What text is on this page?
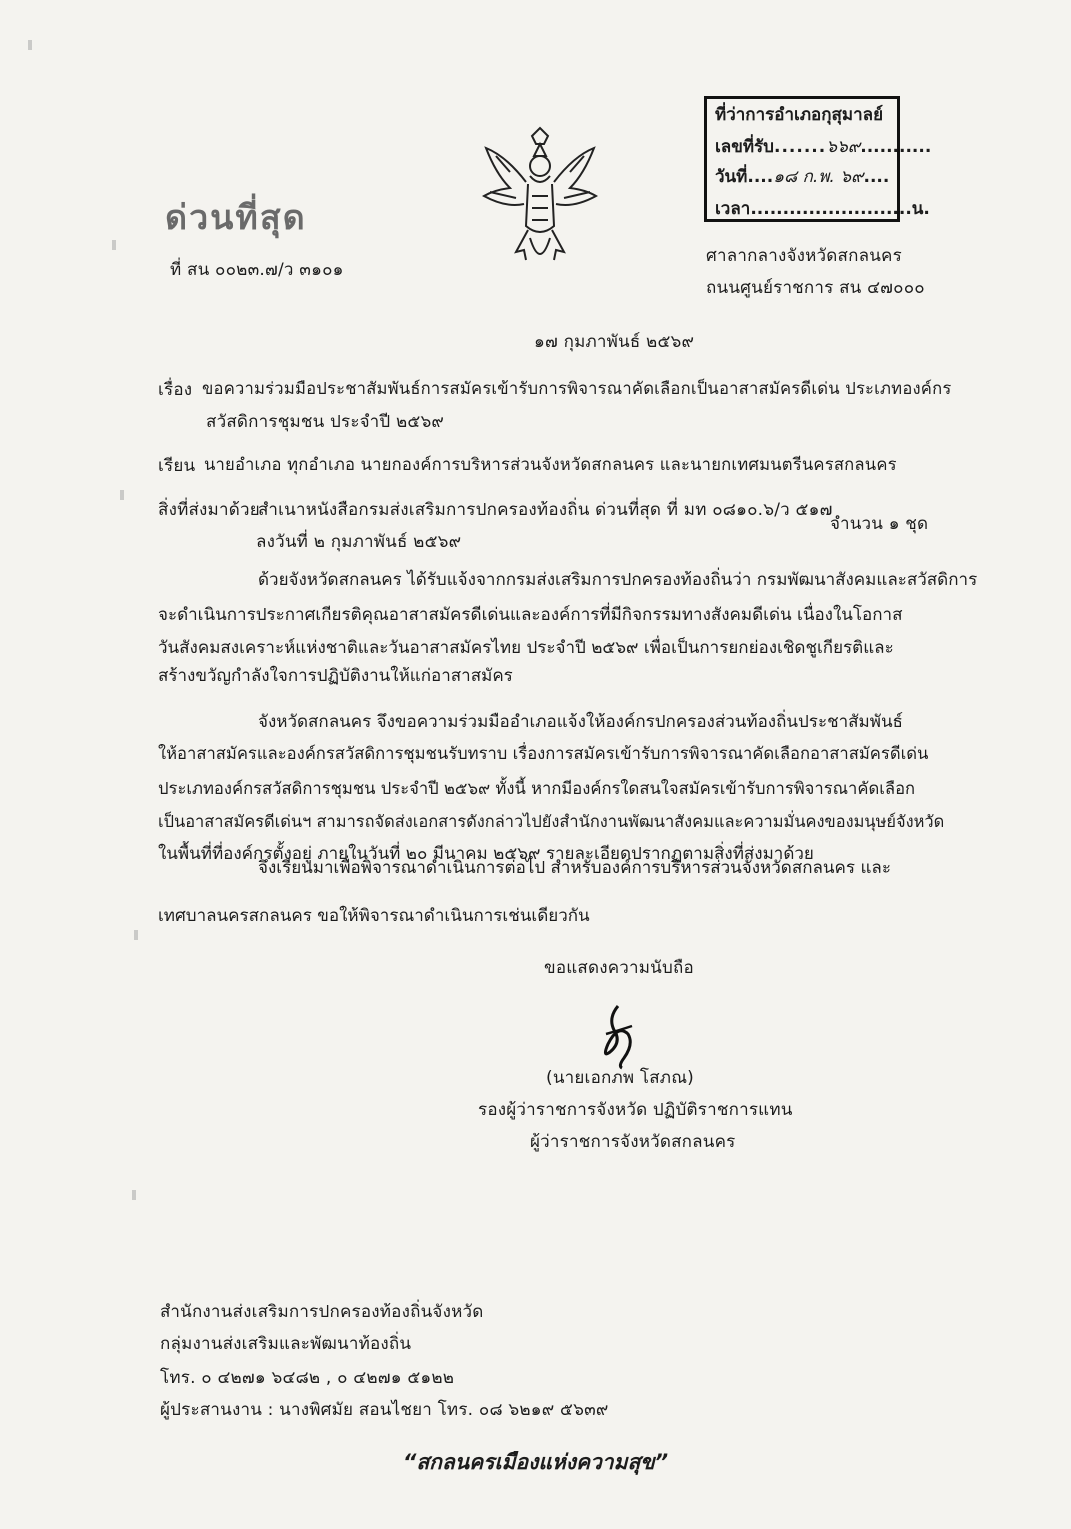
ด่วนที่สุด
ที่ สน ๐๐๒๓.๗/ว ๓๑๐๑
ที่ว่าการอำเภอกุสุมาลย์
เลขที่รับ.......๖๖๙...........
วันที่....๑๘ ก.พ. ๖๙....
เวลา.........................น.
ศาลากลางจังหวัดสกลนคร
ถนนศูนย์ราชการ สน ๔๗๐๐๐
๑๗ กุมภาพันธ์ ๒๕๖๙
เรื่อง ขอความร่วมมือประชาสัมพันธ์การสมัครเข้ารับการพิจารณาคัดเลือกเป็นอาสาสมัครดีเด่น ประเภทองค์กร
สวัสดิการชุมชน ประจำปี ๒๕๖๙
เรียน นายอำเภอ ทุกอำเภอ นายกองค์การบริหารส่วนจังหวัดสกลนคร และนายกเทศมนตรีนครสกลนคร
สิ่งที่ส่งมาด้วย
สำเนาหนังสือกรมส่งเสริมการปกครองท้องถิ่น ด่วนที่สุด ที่ มท ๐๘๑๐.๖/ว ๕๑๗
จำนวน ๑ ชุด
ลงวันที่ ๒ กุมภาพันธ์ ๒๕๖๙
ด้วยจังหวัดสกลนคร ได้รับแจ้งจากกรมส่งเสริมการปกครองท้องถิ่นว่า กรมพัฒนาสังคมและสวัสดิการ
จะดำเนินการประกาศเกียรติคุณอาสาสมัครดีเด่นและองค์การที่มีกิจกรรมทางสังคมดีเด่น เนื่องในโอกาส
วันสังคมสงเคราะห์แห่งชาติและวันอาสาสมัครไทย ประจำปี ๒๕๖๙ เพื่อเป็นการยกย่องเชิดชูเกียรติและ
สร้างขวัญกำลังใจการปฏิบัติงานให้แก่อาสาสมัคร
จังหวัดสกลนคร จึงขอความร่วมมืออำเภอแจ้งให้องค์กรปกครองส่วนท้องถิ่นประชาสัมพันธ์
ให้อาสาสมัครและองค์กรสวัสดิการชุมชนรับทราบ เรื่องการสมัครเข้ารับการพิจารณาคัดเลือกอาสาสมัครดีเด่น
ประเภทองค์กรสวัสดิการชุมชน ประจำปี ๒๕๖๙ ทั้งนี้ หากมีองค์กรใดสนใจสมัครเข้ารับการพิจารณาคัดเลือก
เป็นอาสาสมัครดีเด่นฯ สามารถจัดส่งเอกสารดังกล่าวไปยังสำนักงานพัฒนาสังคมและความมั่นคงของมนุษย์จังหวัด
ในพื้นที่ที่องค์กรตั้งอยู่ ภายในวันที่ ๒๐ มีนาคม ๒๕๖๙ รายละเอียดปรากฏตามสิ่งที่ส่งมาด้วย
จึงเรียนมาเพื่อพิจารณาดำเนินการต่อไป สำหรับองค์การบริหารส่วนจังหวัดสกลนคร และ
เทศบาลนครสกลนคร ขอให้พิจารณาดำเนินการเช่นเดียวกัน
ขอแสดงความนับถือ
(นายเอกภพ โสภณ)
รองผู้ว่าราชการจังหวัด ปฏิบัติราชการแทน
ผู้ว่าราชการจังหวัดสกลนคร
สำนักงานส่งเสริมการปกครองท้องถิ่นจังหวัด
กลุ่มงานส่งเสริมและพัฒนาท้องถิ่น
โทร. ๐ ๔๒๗๑ ๖๔๘๒ , ๐ ๔๒๗๑ ๕๑๒๒
ผู้ประสานงาน : นางพิศมัย สอนไชยา โทร. ๐๘ ๖๒๑๙ ๕๖๓๙
“สกลนครเมืองแห่งความสุข”
